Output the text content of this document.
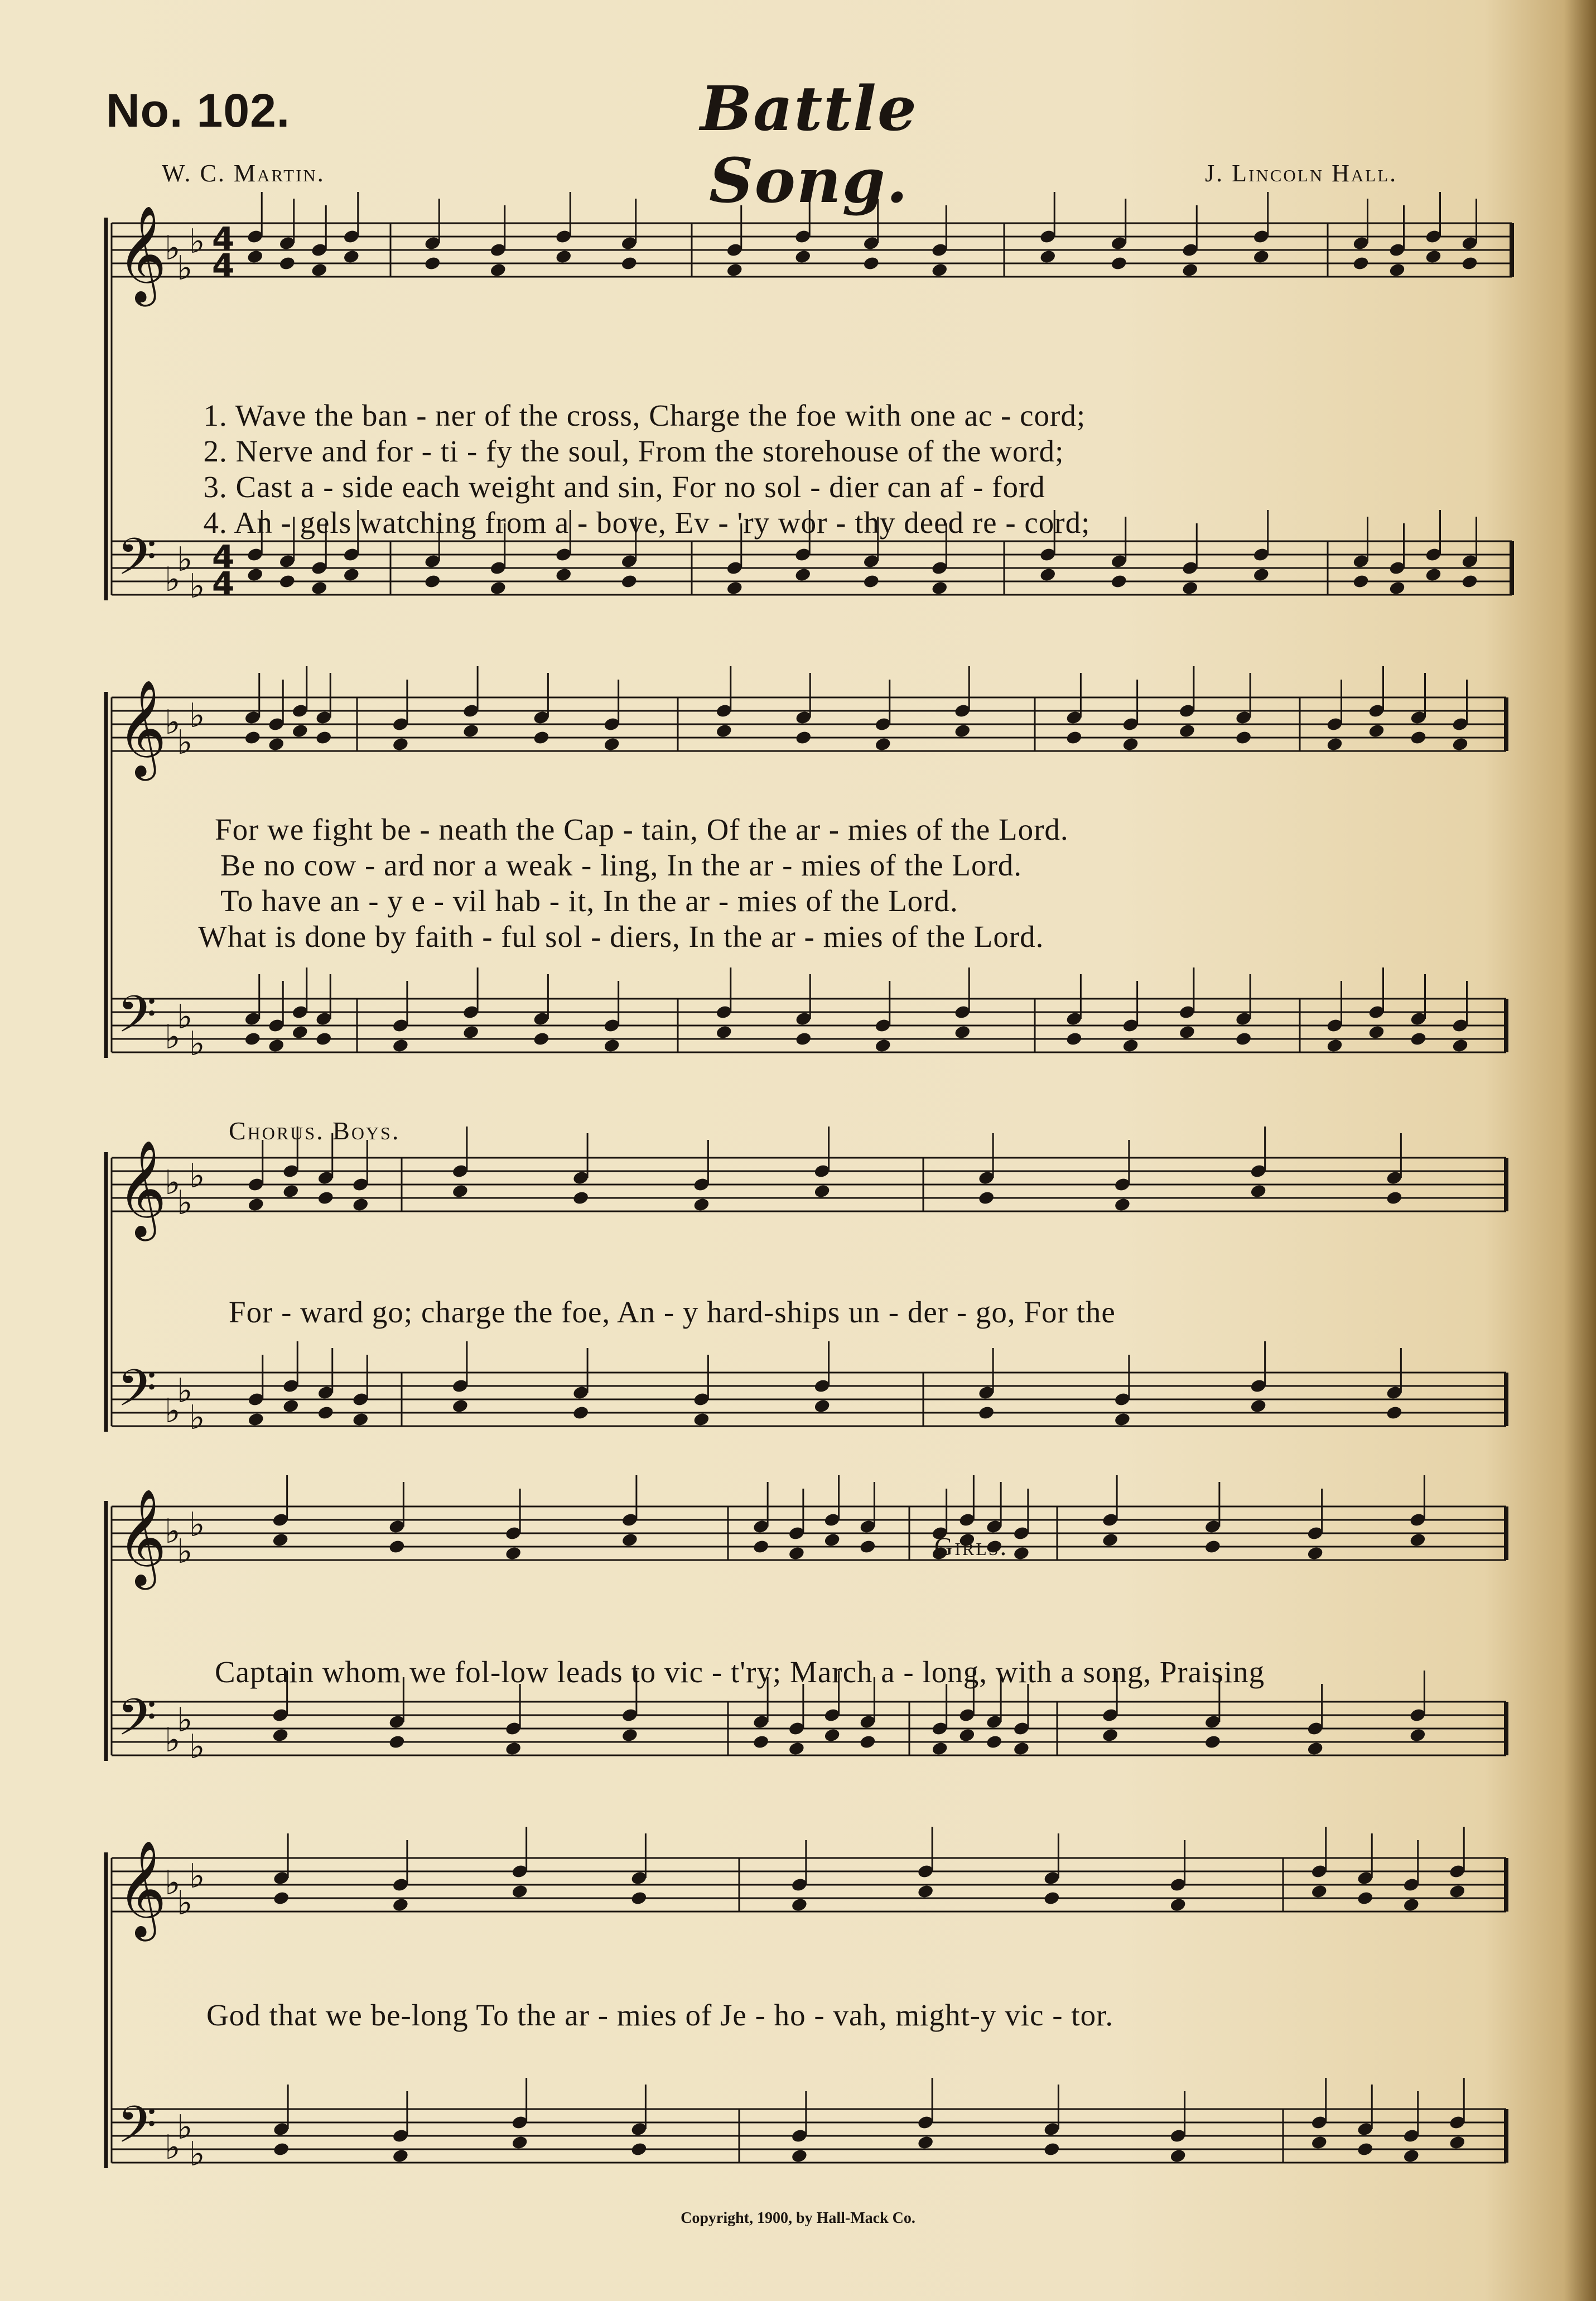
No. 102.	Battle Song.
W. C. Martin.	J. Lincoln Hall.
𝄞
♭
♭
♭
𝄢 ♭
♭
♭
𝄞
♭
♭
♭
𝄢 ♭
♭
♭
𝄞
♭
♭
♭
𝄢 ♭
♭
♭
𝄞
♭
♭
♭
𝄢 ♭
♭
♭
𝄞
♭
♭
♭
𝄢 ♭
♭
♭
4
4
4
4

1. Wave the ban - ner of the cross, Charge the foe with one ac - cord;

2. Nerve and for - ti - fy the soul, From the storehouse of the word;

3. Cast a - side each weight and sin, For no sol - dier can af - ford

4. An - gels watching from a - bove, Ev - 'ry wor - thy deed re - cord;

For we fight be - neath the Cap - tain, Of the ar - mies of the Lord.
Be no cow - ard nor a weak - ling, In the ar - mies of the Lord.
To have an - y e - vil hab - it, In the ar - mies of the Lord.
What is done by faith - ful sol - diers, In the ar - mies of the Lord.
Chorus. Boys.
For - ward go; charge the foe, An - y hard-ships un - der - go, For the
Girls.
Captain whom we fol-low leads to vic - t'ry; March a - long, with a song, Praising
God that we be-long To the ar - mies of Je - ho - vah, might-y vic - tor.
Copyright, 1900, by Hall-Mack Co.
